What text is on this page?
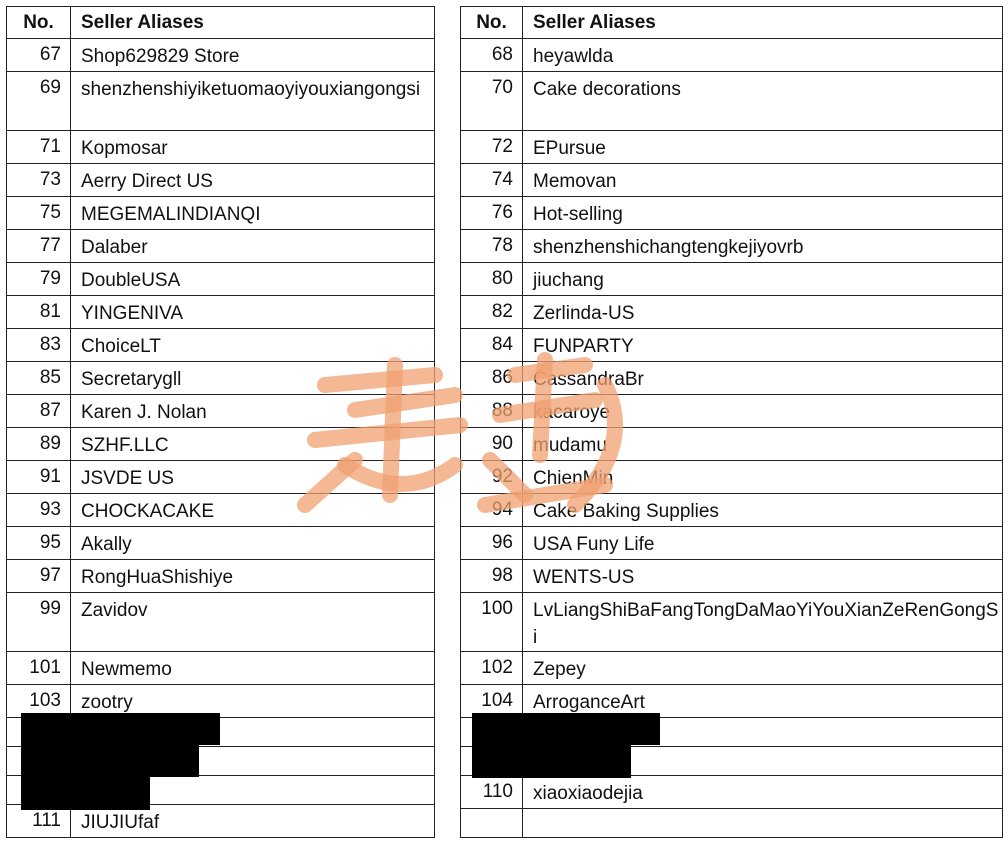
No.	Seller Aliases
67	Shop629829 Store
69	shenzhenshiyiketuomaoyiyouxiangongsi
71	Kopmosar
73	Aerry Direct US
75	MEGEMALINDIANQI
77	Dalaber
79	DoubleUSA
81	YINGENIVA
83	ChoiceLT
85	Secretarygll
87	Karen J. Nolan
89	SZHF.LLC
91	JSVDE US
93	CHOCKACAKE
95	Akally
97	RongHuaShishiye
99	Zavidov
101	Newmemo
103	zootry

111	JIUJIUfaf
No.	Seller Aliases
68	heyawlda
70	Cake decorations
72	EPursue
74	Memovan
76	Hot-selling
78	shenzhenshichangtengkejiyovrb
80	jiuchang
82	Zerlinda-US
84	FUNPARTY
86	CassandraBr
88	kacaroye
90	mudamu
92	ChienMin
94	Cake Baking Supplies
96	USA Funy Life
98	WENTS-US
100	LvLiangShiBaFangTongDaMaoYiYouXianZeRenGongSi
102	Zepey
104	ArroganceArt

110	xiaoxiaodejia
